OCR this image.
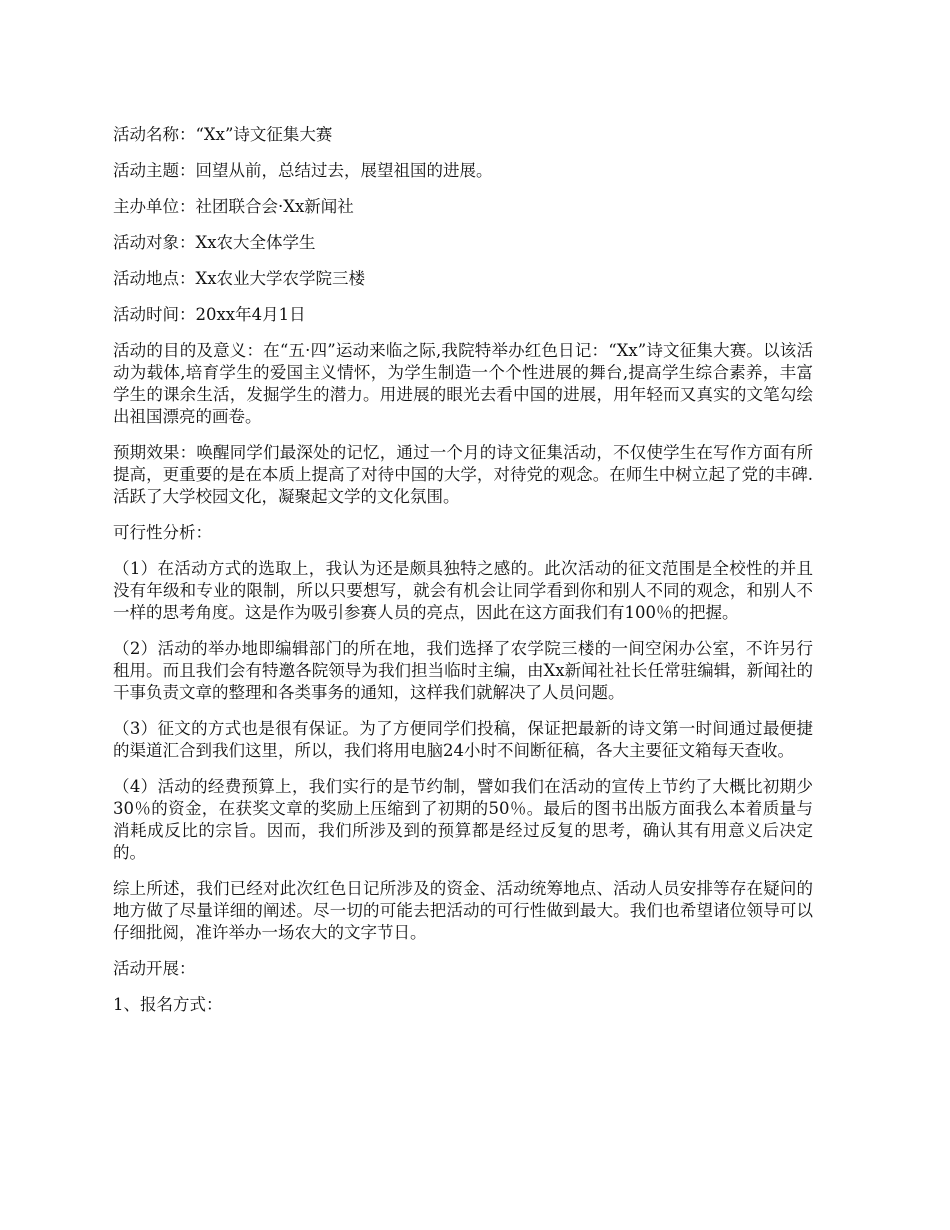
活动名称：“Xx”诗文征集大赛

活动主题：回望从前，总结过去，展望祖国的进展。

主办单位：社团联合会·Xx新闻社

活动对象：Xx农大全体学生

活动地点：Xx农业大学农学院三楼

活动时间：20xx年4月1日

活动的目的及意义：在“五·四”运动来临之际,我院特举办红色日记：“Xx”诗文征集大赛。以该活动为载体,培育学生的爱国主义情怀，为学生制造一个个性进展的舞台,提高学生综合素养，丰富学生的课余生活，发掘学生的潜力。用进展的眼光去看中国的进展，用年轻而又真实的文笔勾绘出祖国漂亮的画卷。

预期效果：唤醒同学们最深处的记忆，通过一个月的诗文征集活动，不仅使学生在写作方面有所提高，更重要的是在本质上提高了对待中国的大学，对待党的观念。在师生中树立起了党的丰碑.活跃了大学校园文化，凝聚起文学的文化氛围。

可行性分析：

（1）在活动方式的选取上，我认为还是颇具独特之感的。此次活动的征文范围是全校性的并且没有年级和专业的限制，所以只要想写，就会有机会让同学看到你和别人不同的观念，和别人不一样的思考角度。这是作为吸引参赛人员的亮点，因此在这方面我们有100％的把握。

（2）活动的举办地即编辑部门的所在地，我们选择了农学院三楼的一间空闲办公室，不许另行租用。而且我们会有特邀各院领导为我们担当临时主编，由Xx新闻社社长任常驻编辑，新闻社的干事负责文章的整理和各类事务的通知，这样我们就解决了人员问题。

（3）征文的方式也是很有保证。为了方便同学们投稿，保证把最新的诗文第一时间通过最便捷的渠道汇合到我们这里，所以，我们将用电脑24小时不间断征稿，各大主要征文箱每天查收。

（4）活动的经费预算上，我们实行的是节约制，譬如我们在活动的宣传上节约了大概比初期少30％的资金，在获奖文章的奖励上压缩到了初期的50％。最后的图书出版方面我么本着质量与消耗成反比的宗旨。因而，我们所涉及到的预算都是经过反复的思考，确认其有用意义后决定的。

综上所述，我们已经对此次红色日记所涉及的资金、活动统筹地点、活动人员安排等存在疑问的地方做了尽量详细的阐述。尽一切的可能去把活动的可行性做到最大。我们也希望诸位领导可以仔细批阅，准许举办一场农大的文字节日。

活动开展：

1、报名方式：
